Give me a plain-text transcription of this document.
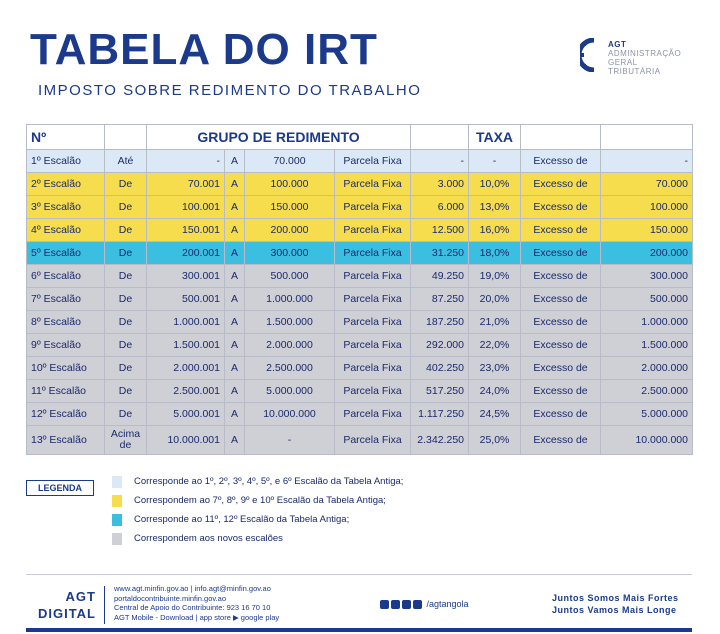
TABELA DO IRT
IMPOSTO SOBRE REDIMENTO DO TRABALHO
AGT
ADMINISTRAÇÃO
GERAL
TRIBUTÁRIA
Nº		GRUPO DE REDIMENTO					TAXA		
1º Escalão	Até	-	A	70.000	Parcela Fixa	-	-	Excesso de	-
2º Escalão	De	70.001	A	100.000	Parcela Fixa	3.000	10,0%	Excesso de	70.000
3º Escalão	De	100.001	A	150.000	Parcela Fixa	6.000	13,0%	Excesso de	100.000
4º Escalão	De	150.001	A	200.000	Parcela Fixa	12.500	16,0%	Excesso de	150.000
5º Escalão	De	200.001	A	300.000	Parcela Fixa	31.250	18,0%	Excesso de	200.000
6º Escalão	De	300.001	A	500.000	Parcela Fixa	49.250	19,0%	Excesso de	300.000
7º Escalão	De	500.001	A	1.000.000	Parcela Fixa	87.250	20,0%	Excesso de	500.000
8º Escalão	De	1.000.001	A	1.500.000	Parcela Fixa	187.250	21,0%	Excesso de	1.000.000
9º Escalão	De	1.500.001	A	2.000.000	Parcela Fixa	292.000	22,0%	Excesso de	1.500.000
10º Escalão	De	2.000.001	A	2.500.000	Parcela Fixa	402.250	23,0%	Excesso de	2.000.000
11º Escalão	De	2.500.001	A	5.000.000	Parcela Fixa	517.250	24,0%	Excesso de	2.500.000
12º Escalão	De	5.000.001	A	10.000.000	Parcela Fixa	1.117.250	24,5%	Excesso de	5.000.000
13º Escalão	Acima de	10.000.001	A	-	Parcela Fixa	2.342.250	25,0%	Excesso de	10.000.000
LEGENDA
Corresponde ao 1º, 2º, 3º, 4º, 5º, e 6º Escalão da Tabela Antiga;
Correspondem ao 7º, 8º, 9º e 10º Escalão da Tabela Antiga;
Corresponde ao 11º, 12º Escalão da Tabela Antiga;
Correspondem aos novos escalões
AGT
DIGITAL
www.agt.minfin.gov.ao | info.agt@minfin.gov.ao
portaldocontribuinte.minfin.gov.ao
Central de Apoio do Contribuinte: 923 16 70 10
AGT Mobile - Download | app store ▶ google play
/agtangola
Juntos Somos Mais Fortes
Juntos Vamos Mais Longe
